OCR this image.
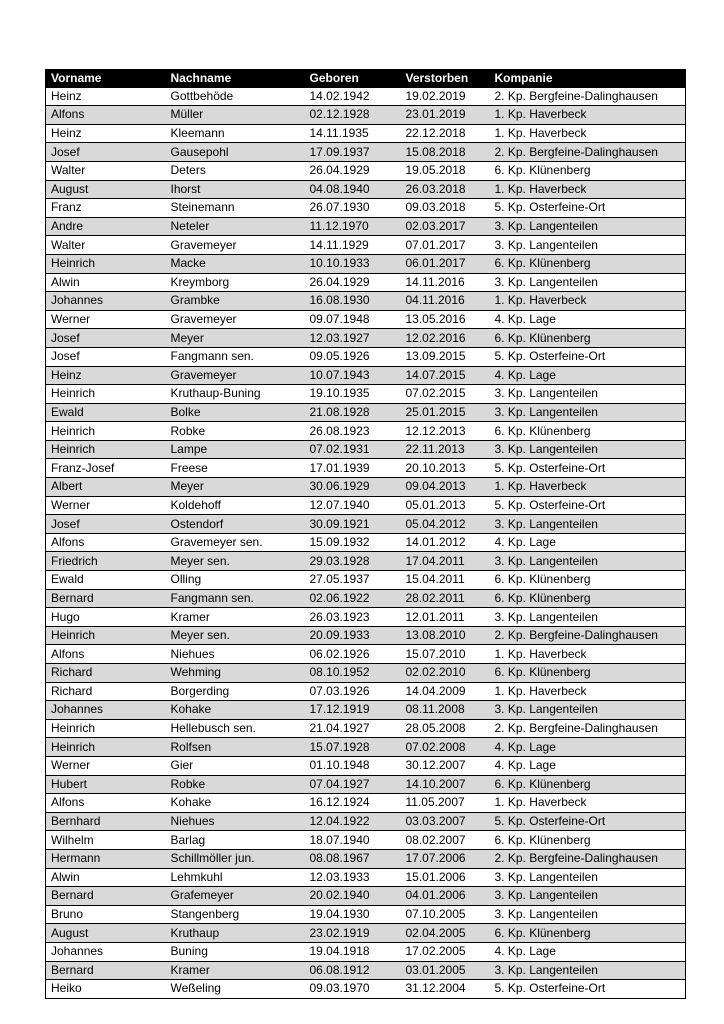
Vorname	Nachname	Geboren	Verstorben	Kompanie
Heinz	Gottbehöde	14.02.1942	19.02.2019	2. Kp. Bergfeine-Dalinghausen
Alfons	Müller	02.12.1928	23.01.2019	1. Kp. Haverbeck
Heinz	Kleemann	14.11.1935	22.12.2018	1. Kp. Haverbeck
Josef	Gausepohl	17.09.1937	15.08.2018	2. Kp. Bergfeine-Dalinghausen
Walter	Deters	26.04.1929	19.05.2018	6. Kp. Klünenberg
August	Ihorst	04.08.1940	26.03.2018	1. Kp. Haverbeck
Franz	Steinemann	26.07.1930	09.03.2018	5. Kp. Osterfeine-Ort
Andre	Neteler	11.12.1970	02.03.2017	3. Kp. Langenteilen
Walter	Gravemeyer	14.11.1929	07.01.2017	3. Kp. Langenteilen
Heinrich	Macke	10.10.1933	06.01.2017	6. Kp. Klünenberg
Alwin	Kreymborg	26.04.1929	14.11.2016	3. Kp. Langenteilen
Johannes	Grambke	16.08.1930	04.11.2016	1. Kp. Haverbeck
Werner	Gravemeyer	09.07.1948	13.05.2016	4. Kp. Lage
Josef	Meyer	12.03.1927	12.02.2016	6. Kp. Klünenberg
Josef	Fangmann sen.	09.05.1926	13.09.2015	5. Kp. Osterfeine-Ort
Heinz	Gravemeyer	10.07.1943	14.07.2015	4. Kp. Lage
Heinrich	Kruthaup-Buning	19.10.1935	07.02.2015	3. Kp. Langenteilen
Ewald	Bolke	21.08.1928	25.01.2015	3. Kp. Langenteilen
Heinrich	Robke	26.08.1923	12.12.2013	6. Kp. Klünenberg
Heinrich	Lampe	07.02.1931	22.11.2013	3. Kp. Langenteilen
Franz-Josef	Freese	17.01.1939	20.10.2013	5. Kp. Osterfeine-Ort
Albert	Meyer	30.06.1929	09.04.2013	1. Kp. Haverbeck
Werner	Koldehoff	12.07.1940	05.01.2013	5. Kp. Osterfeine-Ort
Josef	Ostendorf	30.09.1921	05.04.2012	3. Kp. Langenteilen
Alfons	Gravemeyer sen.	15.09.1932	14.01.2012	4. Kp. Lage
Friedrich	Meyer sen.	29.03.1928	17.04.2011	3. Kp. Langenteilen
Ewald	Olling	27.05.1937	15.04.2011	6. Kp. Klünenberg
Bernard	Fangmann sen.	02.06.1922	28.02.2011	6. Kp. Klünenberg
Hugo	Kramer	26.03.1923	12.01.2011	3. Kp. Langenteilen
Heinrich	Meyer sen.	20.09.1933	13.08.2010	2. Kp. Bergfeine-Dalinghausen
Alfons	Niehues	06.02.1926	15.07.2010	1. Kp. Haverbeck
Richard	Wehming	08.10.1952	02.02.2010	6. Kp. Klünenberg
Richard	Borgerding	07.03.1926	14.04.2009	1. Kp. Haverbeck
Johannes	Kohake	17.12.1919	08.11.2008	3. Kp. Langenteilen
Heinrich	Hellebusch sen.	21.04.1927	28.05.2008	2. Kp. Bergfeine-Dalinghausen
Heinrich	Rolfsen	15.07.1928	07.02.2008	4. Kp. Lage
Werner	Gier	01.10.1948	30.12.2007	4. Kp. Lage
Hubert	Robke	07.04.1927	14.10.2007	6. Kp. Klünenberg
Alfons	Kohake	16.12.1924	11.05.2007	1. Kp. Haverbeck
Bernhard	Niehues	12.04.1922	03.03.2007	5. Kp. Osterfeine-Ort
Wilhelm	Barlag	18.07.1940	08.02.2007	6. Kp. Klünenberg
Hermann	Schillmöller jun.	08.08.1967	17.07.2006	2. Kp. Bergfeine-Dalinghausen
Alwin	Lehmkuhl	12.03.1933	15.01.2006	3. Kp. Langenteilen
Bernard	Grafemeyer	20.02.1940	04.01.2006	3. Kp. Langenteilen
Bruno	Stangenberg	19.04.1930	07.10.2005	3. Kp. Langenteilen
August	Kruthaup	23.02.1919	02.04.2005	6. Kp. Klünenberg
Johannes	Buning	19.04.1918	17.02.2005	4. Kp. Lage
Bernard	Kramer	06.08.1912	03.01.2005	3. Kp. Langenteilen
Heiko	Weßeling	09.03.1970	31.12.2004	5. Kp. Osterfeine-Ort
